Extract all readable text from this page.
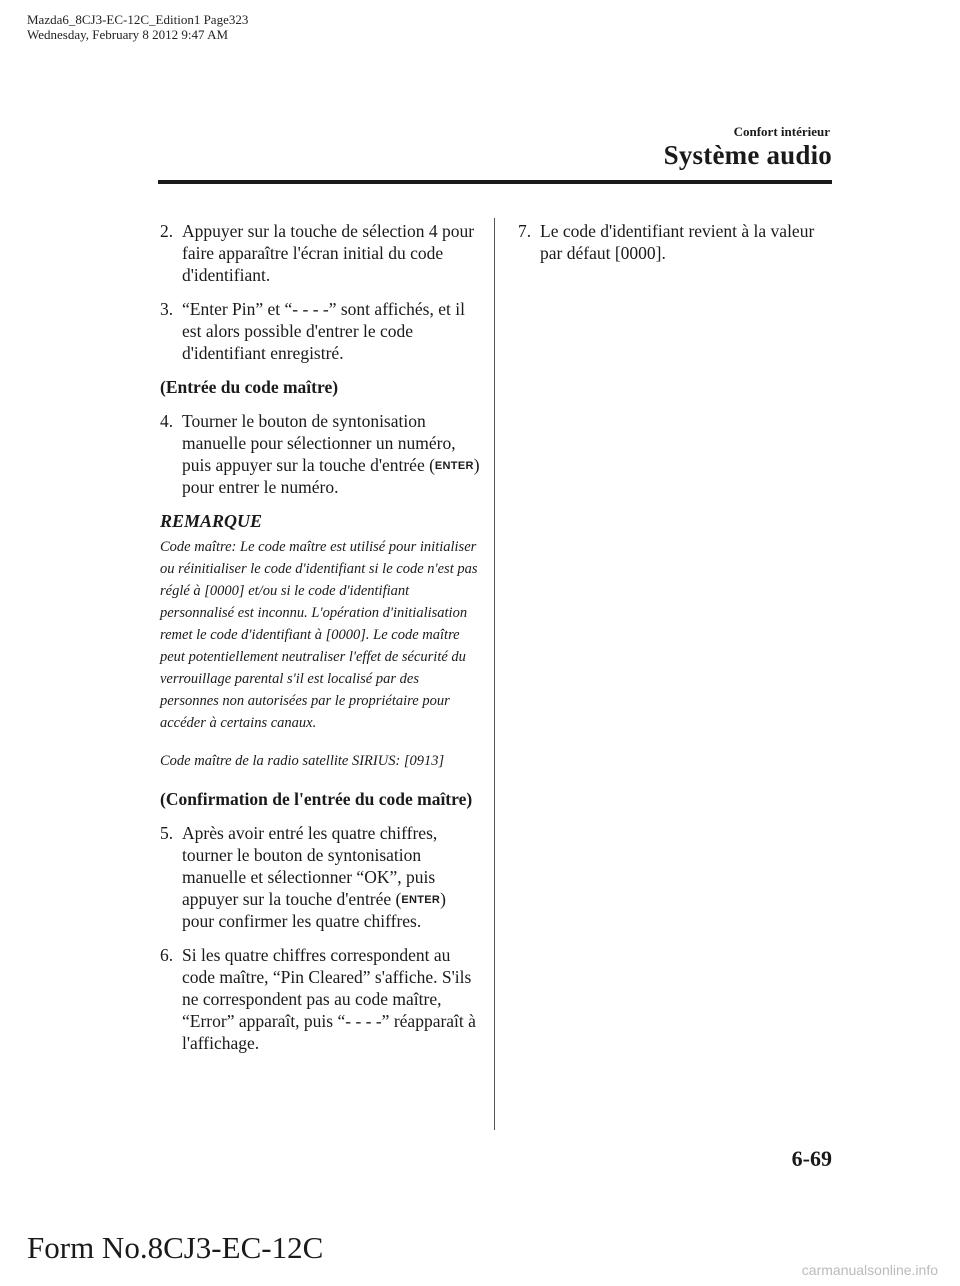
Mazda6_8CJ3-EC-12C_Edition1 Page323
Wednesday, February 8 2012 9:47 AM
Confort intérieur
Système audio
2. Appuyer sur la touche de sélection 4 pour faire apparaître l'écran initial du code d'identifiant.
3. “Enter Pin” et “- - - -” sont affichés, et il est alors possible d'entrer le code d'identifiant enregistré.
(Entrée du code maître)
4. Tourner le bouton de syntonisation manuelle pour sélectionner un numéro, puis appuyer sur la touche d'entrée (ENTER) pour entrer le numéro.
REMARQUE
Code maître: Le code maître est utilisé pour initialiser ou réinitialiser le code d'identifiant si le code n'est pas réglé à [0000] et/ou si le code d'identifiant personnalisé est inconnu. L'opération d'initialisation remet le code d'identifiant à [0000]. Le code maître peut potentiellement neutraliser l'effet de sécurité du verrouillage parental s'il est localisé par des personnes non autorisées par le propriétaire pour accéder à certains canaux.
Code maître de la radio satellite SIRIUS: [0913]
(Confirmation de l'entrée du code maître)
5. Après avoir entré les quatre chiffres, tourner le bouton de syntonisation manuelle et sélectionner “OK”, puis appuyer sur la touche d'entrée (ENTER) pour confirmer les quatre chiffres.
6. Si les quatre chiffres correspondent au code maître, “Pin Cleared” s'affiche. S'ils ne correspondent pas au code maître, “Error” apparaît, puis “- - - -” réapparaît à l'affichage.
7. Le code d'identifiant revient à la valeur par défaut [0000].
6-69
Form No.8CJ3-EC-12C
carmanualsonline.info
